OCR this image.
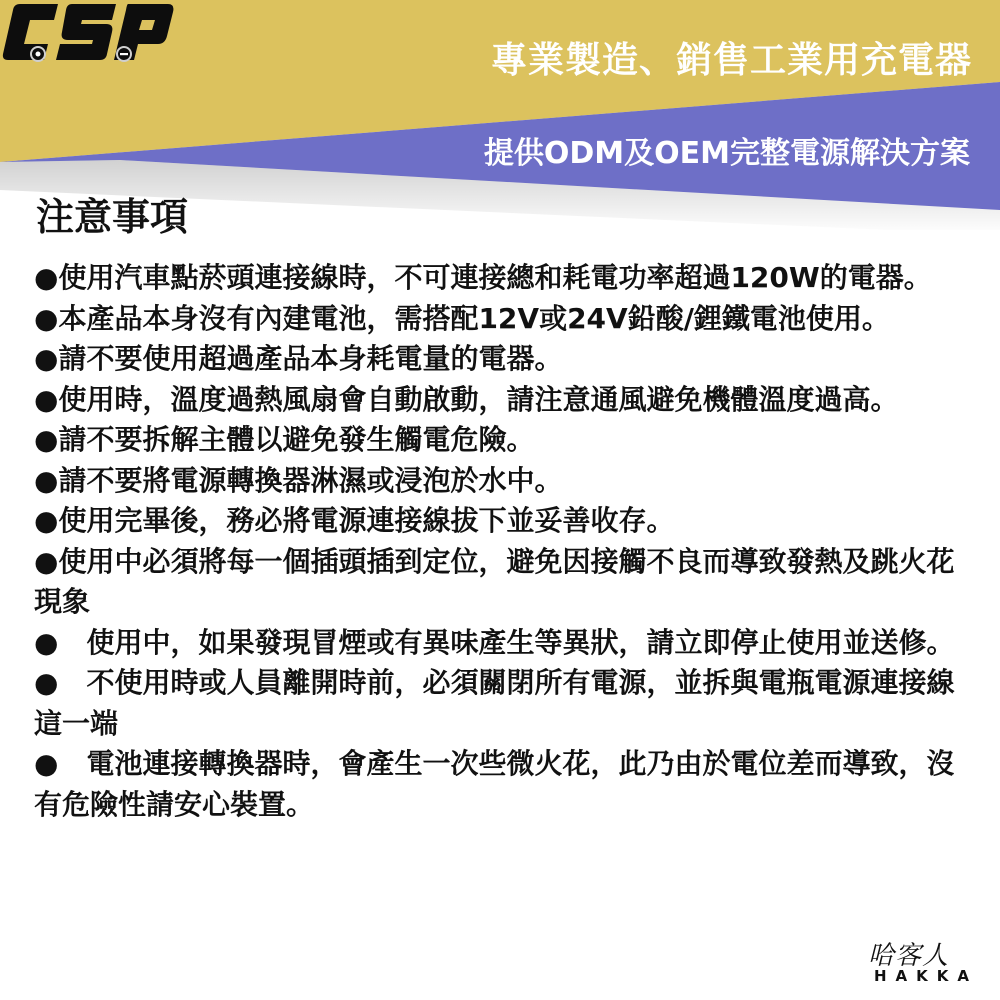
專業製造、銷售工業用充電器
提供ODM及OEM完整電源解決方案
注意事項
●使用汽車點菸頭連接線時，不可連接總和耗電功率超過120W的電器。
●本產品本身沒有內建電池，需搭配12V或24V鉛酸/鋰鐵電池使用。
●請不要使用超過產品本身耗電量的電器。
●使用時，溫度過熱風扇會自動啟動，請注意通風避免機體溫度過高。
●請不要拆解主體以避免發生觸電危險。
●請不要將電源轉換器淋濕或浸泡於水中。
●使用完畢後，務必將電源連接線拔下並妥善收存。
●使用中必須將每一個插頭插到定位，避免因接觸不良而導致發熱及跳火花現象
●　使用中，如果發現冒煙或有異味產生等異狀，請立即停止使用並送修。
●　不使用時或人員離開時前，必須關閉所有電源，並拆與電瓶電源連接線這一端
●　電池連接轉換器時，會產生一次些微火花，此乃由於電位差而導致，沒有危險性請安心裝置。
哈客人
HAKKA
